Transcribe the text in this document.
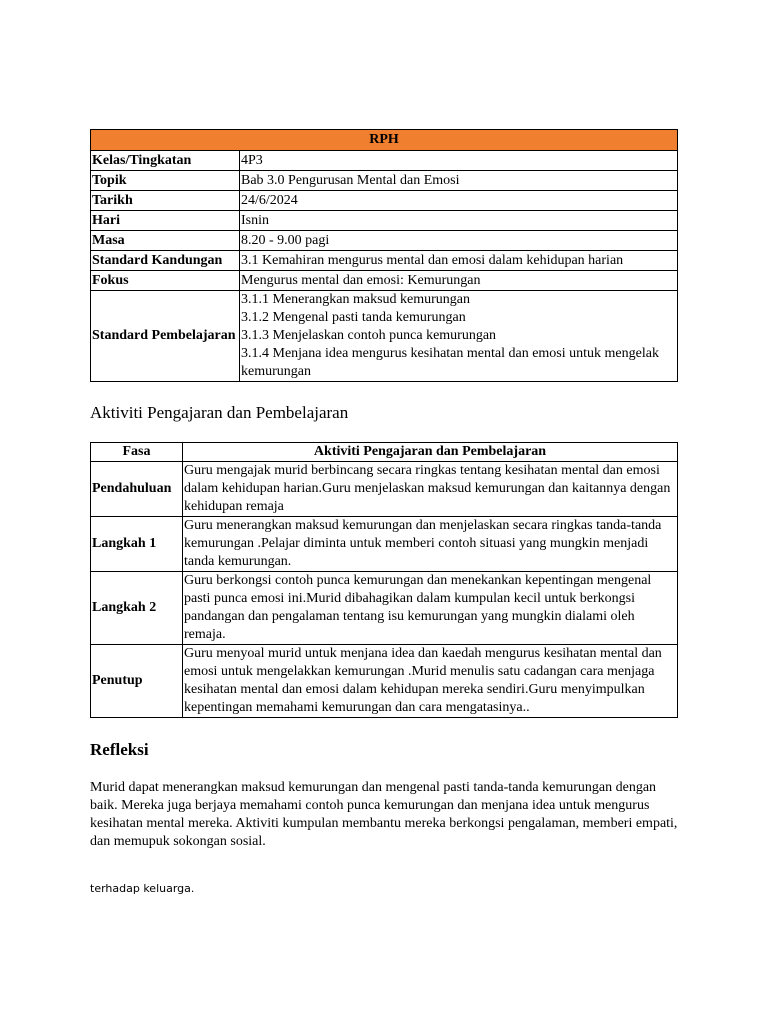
RPH	
Kelas/Tingkatan	4P3
Topik	Bab 3.0 Pengurusan Mental dan Emosi
Tarikh	24/6/2024
Hari	Isnin
Masa	8.20 - 9.00 pagi
Standard Kandungan	3.1 Kemahiran mengurus mental dan emosi dalam kehidupan harian
Fokus	Mengurus mental dan emosi: Kemurungan
Standard Pembelajaran	3.1.1 Menerangkan maksud kemurungan
3.1.2 Mengenal pasti tanda kemurungan
3.1.3 Menjelaskan contoh punca kemurungan
3.1.4 Menjana idea mengurus kesihatan mental dan emosi untuk mengelak kemurungan
Aktiviti Pengajaran dan Pembelajaran
Fasa	Aktiviti Pengajaran dan Pembelajaran
Pendahuluan	Guru mengajak murid berbincang secara ringkas tentang kesihatan mental dan emosi dalam kehidupan harian.Guru menjelaskan maksud kemurungan dan kaitannya dengan kehidupan remaja
Langkah 1	Guru menerangkan maksud kemurungan dan menjelaskan secara ringkas tanda-tanda kemurungan .Pelajar diminta untuk memberi contoh situasi yang mungkin menjadi tanda kemurungan.
Langkah 2	Guru berkongsi contoh punca kemurungan dan menekankan kepentingan mengenal pasti punca emosi ini.Murid dibahagikan dalam kumpulan kecil untuk berkongsi pandangan dan pengalaman tentang isu kemurungan yang mungkin dialami oleh remaja.
Penutup	Guru menyoal murid untuk menjana idea dan kaedah mengurus kesihatan mental dan emosi untuk mengelakkan kemurungan .Murid menulis satu cadangan cara menjaga kesihatan mental dan emosi dalam kehidupan mereka sendiri.Guru menyimpulkan kepentingan memahami kemurungan dan cara mengatasinya..
Refleksi

Murid dapat menerangkan maksud kemurungan dan mengenal pasti tanda-tanda kemurungan dengan baik. Mereka juga berjaya memahami contoh punca kemurungan dan menjana idea untuk mengurus kesihatan mental mereka. Aktiviti kumpulan membantu mereka berkongsi pengalaman, memberi empati, dan memupuk sokongan sosial.

terhadap keluarga.
